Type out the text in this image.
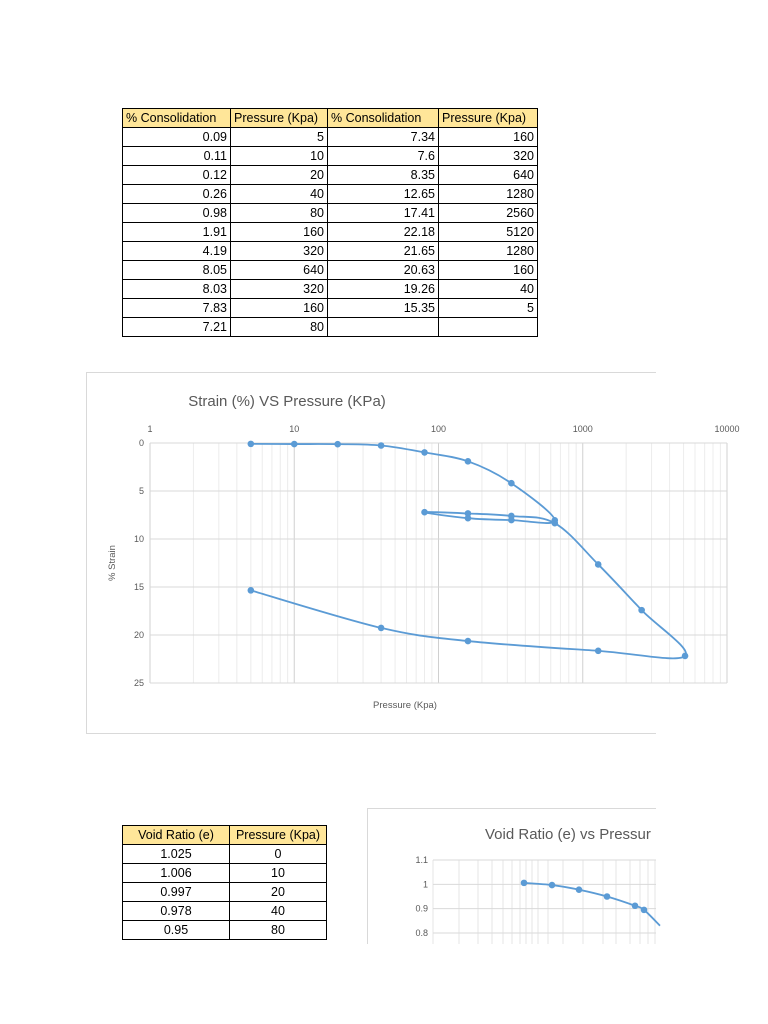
% Consolidation	Pressure (Kpa)	% Consolidation	Pressure (Kpa)
0.09	5	7.34	160
0.11	10	7.6	320
0.12	20	8.35	640
0.26	40	12.65	1280
0.98	80	17.41	2560
1.91	160	22.18	5120
4.19	320	21.65	1280
8.05	640	20.63	160
8.03	320	19.26	40
7.83	160	15.35	5
7.21	80		
Strain (%) VS Pressure (KPa)
1	10	100	1000	10000
0
5
10
15
20
25
Pressure (Kpa)
% Strain
Void Ratio (e)	Pressure (Kpa)
1.025	0
1.006	10
0.997	20
0.978	40
0.95	80
Void Ratio (e) vs Pressur
1.1
1
0.9
0.8
